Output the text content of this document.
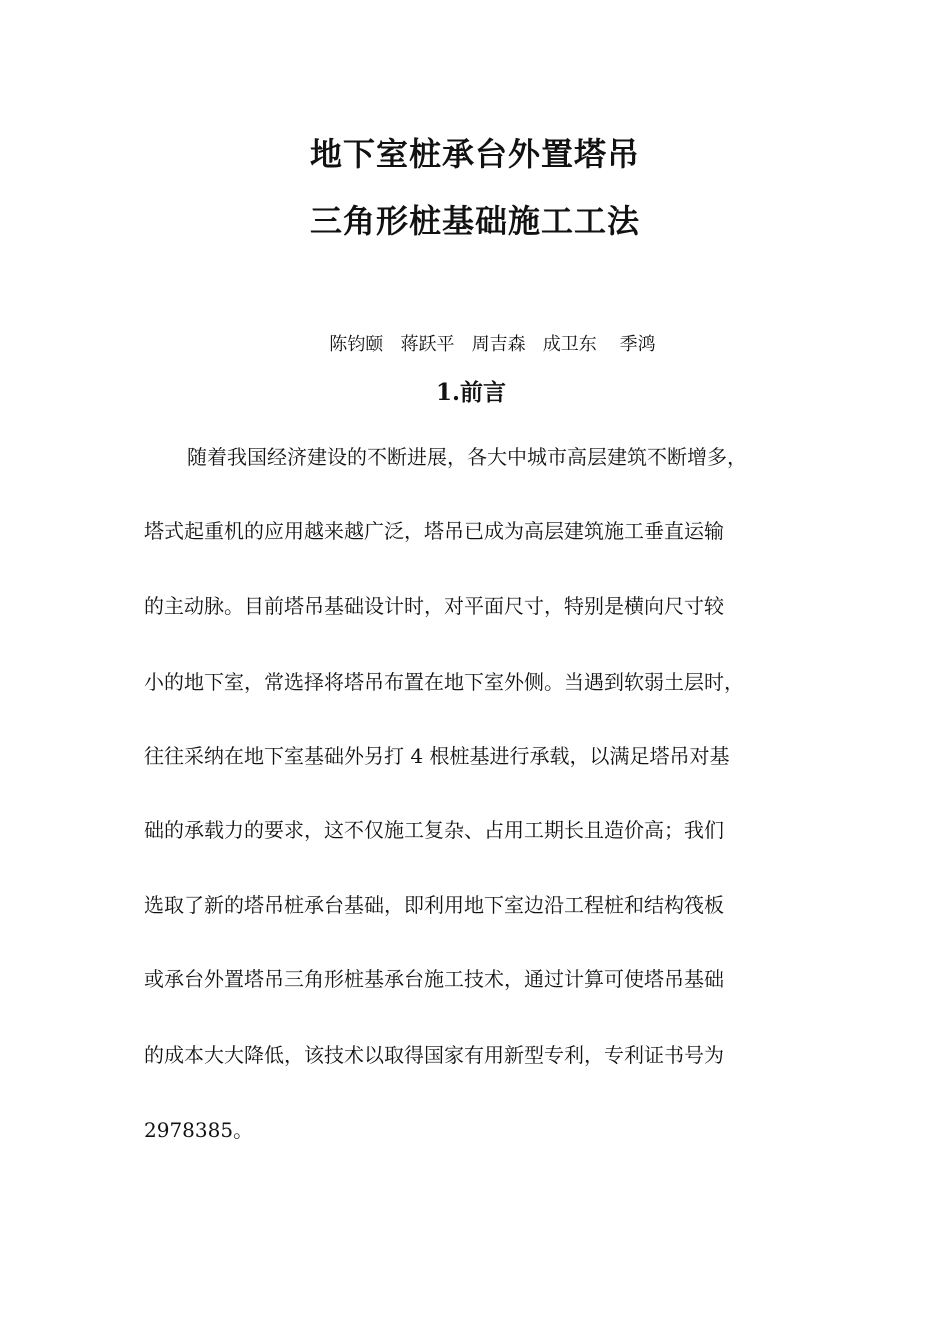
地下室桩承台外置塔吊
三角形桩基础施工工法
陈钧颐   蒋跃平   周吉森   成卫东    季鸿
1.前言
随着我国经济建设的不断进展，各大中城市高层建筑不断增多，
塔式起重机的应用越来越广泛，塔吊已成为高层建筑施工垂直运输
的主动脉。目前塔吊基础设计时，对平面尺寸，特别是横向尺寸较
小的地下室，常选择将塔吊布置在地下室外侧。当遇到软弱土层时，
往往采纳在地下室基础外另打 4 根桩基进行承载，以满足塔吊对基
础的承载力的要求，这不仅施工复杂、占用工期长且造价高；我们
选取了新的塔吊桩承台基础，即利用地下室边沿工程桩和结构筏板
或承台外置塔吊三角形桩基承台施工技术，通过计算可使塔吊基础
的成本大大降低，该技术以取得国家有用新型专利，专利证书号为
2978385。
